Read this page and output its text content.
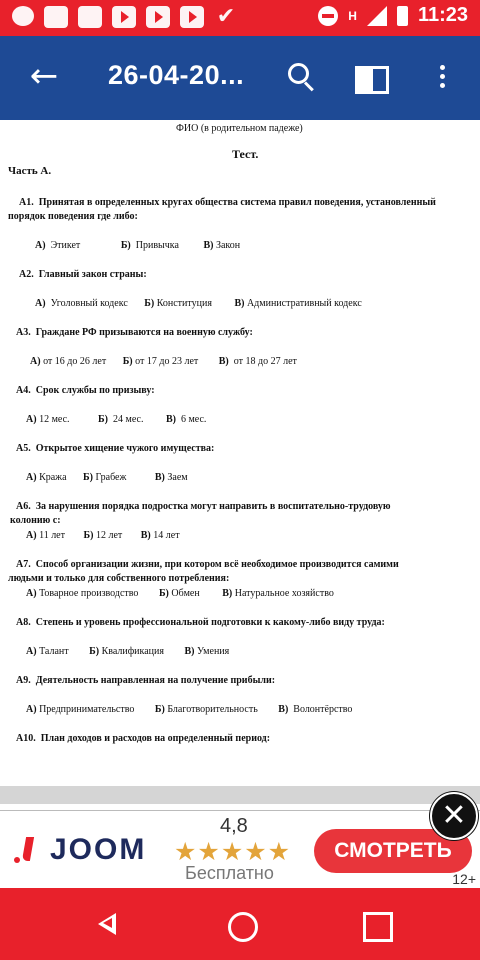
✔	H	11:23
← 26-04-20...
ФИО (в родительном падеже)
Тест.
Часть А.
А1. Принятая в определенных кругах общества система правил поведения, установленный
порядок поведения где либо:
А) Этикет	Б) Привычка В) Закон
А2. Главный закон страны:
А) Уголовный кодекс Б) Конституция В) Административный кодекс
А3. Граждане РФ призываются на военную службу:
А) от 16 до 26 лет Б) от 17 до 23 лет В) от 18 до 27 лет
А4. Срок службы по призыву:
А) 12 мес.	Б) 24 мес. В) 6 мес.
А5. Открытое хищение чужого имущества:
А) Кража Б) Грабеж	В) Заем
А6. За нарушения порядка подростка могут направить в воспитательно-трудовую
колонию с:
А) 11 лет Б) 12 лет В) 14 лет
А7. Способ организации жизни, при котором всё необходимое производится самими
людьми и только для собственного потребления:
А) Товарное производство Б) Обмен В) Натуральное хозяйство
А8. Степень и уровень профессиональной подготовки к какому-либо виду труда:
А) Талант Б) Квалификация В) Умения
А9. Деятельность направленная на получение прибыли:
А) Предпринимательство Б) Благотворительность В) Волонтёрство
А10. План доходов и расходов на определенный период:
JOOM
4,8
★★★★★
Бесплатно
СМОТРЕТЬ
12+
✕
